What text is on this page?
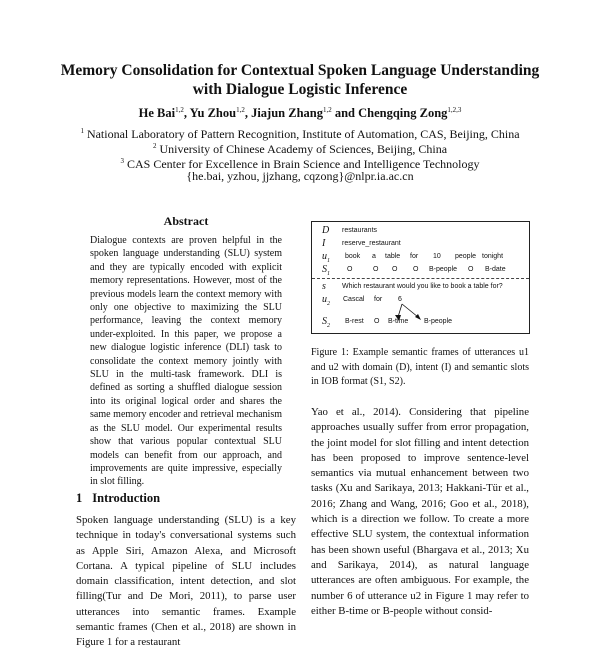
Memory Consolidation for Contextual Spoken Language Understanding
with Dialogue Logistic Inference
He Bai$^{1,2}$, Yu Zhou$^{1,2}$, Jiajun Zhang$^{1,2}$ and Chengqing Zong$^{1,2,3}$
$^1$ National Laboratory of Pattern Recognition, Institute of Automation, CAS, Beijing, China
$^2$ University of Chinese Academy of Sciences, Beijing, China
$^3$ CAS Center for Excellence in Brain Science and Intelligence Technology
{he.bai, yzhou, jjzhang, cqzong}@nlpr.ia.ac.cn
Abstract
Dialogue contexts are proven helpful in the spoken language understanding (SLU) system and they are typically encoded with explicit memory representations. However, most of the previous models learn the context memory with only one objective to maximizing the SLU performance, leaving the context memory under-exploited. In this paper, we propose a new dialogue logistic inference (DLI) task to consolidate the context memory jointly with SLU in the multi-task framework. DLI is defined as sorting a shuffled dialogue session into its original logical order and shares the same memory encoder and retrieval mechanism as the SLU model. Our experimental results show that various popular contextual SLU models can benefit from our approach, and improvements are quite impressive, especially in slot filling.
1 Introduction
Spoken language understanding (SLU) is a key technique in today's conversational systems such as Apple Siri, Amazon Alexa, and Microsoft Cortana. A typical pipeline of SLU includes domain classification, intent detection, and slot filling(Tur and De Mori, 2011), to parse user utterances into semantic frames. Example semantic frames (Chen et al., 2018) are shown in Figure 1 for a restaurant
D restaurants
I reserve_restaurant
$u_1$
book a table for 10 people tonight
$S_1$
O	O O O B-people O B-date
s Which restaurant would you like to book a table for?
$u_2$
Cascal for 6
$S_2$
B-rest O B-time B-people
Figure 1: Example semantic frames of utterances u1 and u2 with domain (D), intent (I) and semantic slots in IOB format (S1, S2).
Yao et al., 2014). Considering that pipeline approaches usually suffer from error propagation, the joint model for slot filling and intent detection has been proposed to improve sentence-level semantics via mutual enhancement between two tasks (Xu and Sarikaya, 2013; Hakkani-Tür et al., 2016; Zhang and Wang, 2016; Goo et al., 2018), which is a direction we follow. To create a more effective SLU system, the contextual information has been shown useful (Bhargava et al., 2013; Xu and Sarikaya, 2014), as natural language utterances are often ambiguous. For example, the number 6 of utterance u2 in Figure 1 may refer to either B-time or B-people without consid-
